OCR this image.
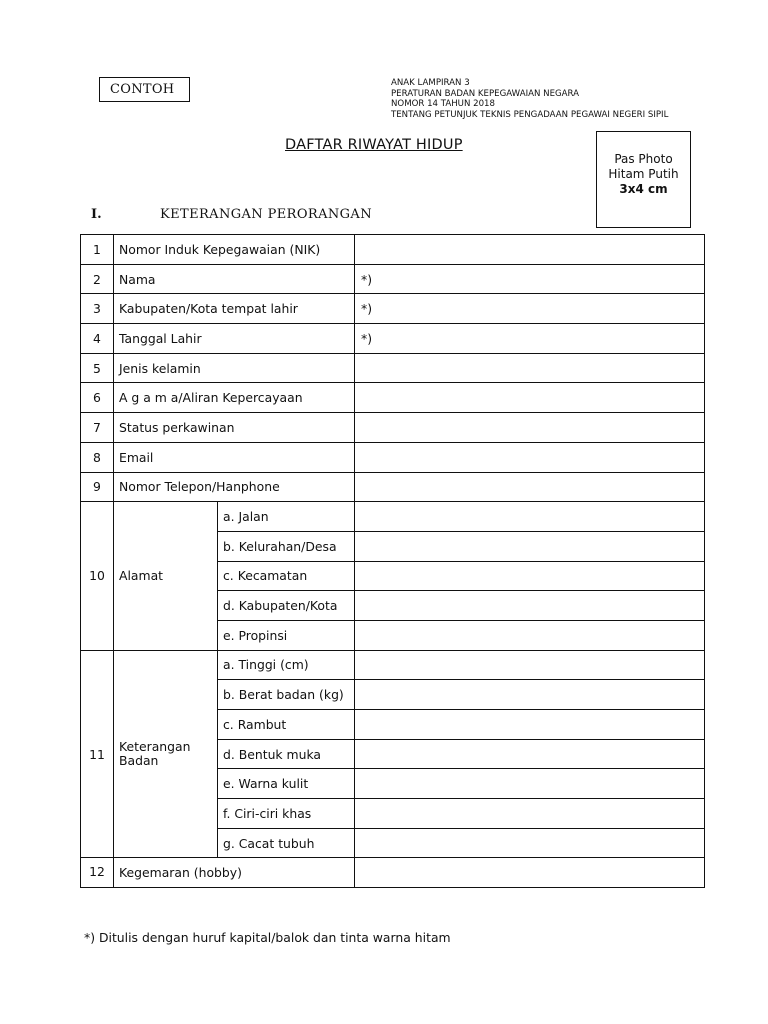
CONTOH	ANAK LAMPIRAN 3
PERATURAN BADAN KEPEGAWAIAN NEGARA
NOMOR 14 TAHUN 2018
TENTANG PETUNJUK TEKNIS PENGADAAN PEGAWAI NEGERI SIPIL
DAFTAR RIWAYAT HIDUP
Pas Photo
Hitam Putih
3x4 cm
I.	KETERANGAN PERORANGAN
1	Nomor Induk Kepegawaian (NIK)		
2	Nama		*)
3	Kabupaten/Kota tempat lahir		*)
4	Tanggal Lahir		*)
5	Jenis kelamin		
6	A g a m a/Aliran Kepercayaan		
7	Status perkawinan		
8	Email		
9	Nomor Telepon/Hanphone		
10	Alamat	a. Jalan	
		b. Kelurahan/Desa	
		c. Kecamatan	
		d. Kabupaten/Kota	
		e. Propinsi	
11	Keterangan Badan	a. Tinggi (cm)	
		b. Berat badan (kg)	
		c. Rambut	
		d. Bentuk muka	
		e. Warna kulit	
		f. Ciri-ciri khas	
		g. Cacat tubuh	
12	Kegemaran (hobby)		
*) Ditulis dengan huruf kapital/balok dan tinta warna hitam
